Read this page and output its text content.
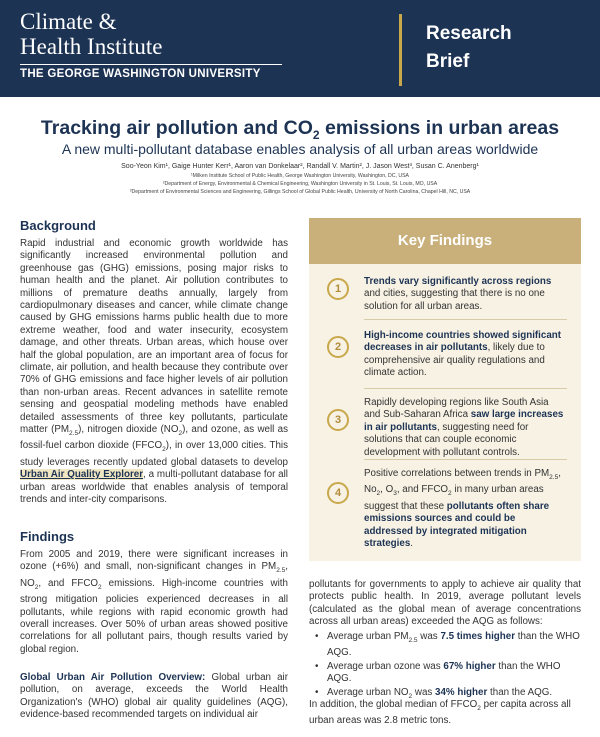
Climate &
Health Institute
THE GEORGE WASHINGTON UNIVERSITY
Research
Brief
Tracking air pollution and $CO_2$ emissions in urban areas
A new multi-pollutant database enables analysis of all urban areas worldwide
Soo-Yeon Kim¹, Gaige Hunter Kerr¹, Aaron van Donkelaar², Randall V. Martin², J. Jason West³, Susan C. Anenberg¹
¹Milken Institute School of Public Health, George Washington University, Washington, DC, USA
²Department of Energy, Environmental & Chemical Engineering, Washington University in St. Louis, St. Louis, MO, USA
³Department of Environmental Sciences and Engineering, Gillings School of Global Public Health, University of North Carolina, Chapel Hill, NC, USA
Background
Rapid industrial and economic growth worldwide has significantly increased environmental pollution and greenhouse gas (GHG) emissions, posing major risks to human health and the planet. Air pollution contributes to millions of premature deaths annually, largely from cardiopulmonary diseases and cancer, while climate change caused by GHG emissions harms public health due to more extreme weather, food and water insecurity, ecosystem damage, and other threats. Urban areas, which house over half the global population, are an important area of focus for climate, air pollution, and health because they contribute over 70% of GHG emissions and face higher levels of air pollution than non-urban areas. Recent advances in satellite remote sensing and geospatial modeling methods have enabled detailed assessments of three key pollutants, particulate matter $(PM_{2.5})$, nitrogen dioxide $(NO_2)$, and ozone, as well as fossil-fuel carbon dioxide $(FFCO_2)$, in over 13,000 cities. This study leverages recently updated global datasets to develop Urban Air Quality Explorer, a multi-pollutant database for all urban areas worldwide that enables analysis of temporal trends and inter-city comparisons.
Findings
From 2005 and 2019, there were significant increases in ozone (+6%) and small, non-significant changes in $PM_{2.5}$, $NO_2$, and $FFCO_2$ emissions. High-income countries with strong mitigation policies experienced decreases in all pollutants, while regions with rapid economic growth had overall increases. Over 50% of urban areas showed positive correlations for all pollutant pairs, though results varied by global region.
Global Urban Air Pollution Overview: Global urban air pollution, on average, exceeds the World Health Organization's (WHO) global air quality guidelines (AQG), evidence-based recommended targets on individual air
Key Findings
1
Trends vary significantly across regions and cities, suggesting that there is no one solution for all urban areas.
2
High-income countries showed significant decreases in air pollutants, likely due to comprehensive air quality regulations and climate action.
3
Rapidly developing regions like South Asia and Sub-Saharan Africa saw large increases in air pollutants, suggesting need for solutions that can couple economic development with pollutant controls.
4
Positive correlations between trends in $PM_{2.5}$, $No_2$, $O_3$, and $FFCO_2$ in many urban areas suggest that these pollutants often share emissions sources and could be addressed by integrated mitigation strategies.
pollutants for governments to apply to achieve air quality that protects public health. In 2019, average pollutant levels (calculated as the global mean of average concentrations across all urban areas) exceeded the AQG as follows:
• Average urban $PM_{2.5}$ was 7.5 times higher than the WHO AQG.
• Average urban ozone was 67% higher than the WHO AQG.
• Average urban $NO_2$ was 34% higher than the AQG.
In addition, the global median of $FFCO_2$ per capita across all urban areas was 2.8 metric tons.
